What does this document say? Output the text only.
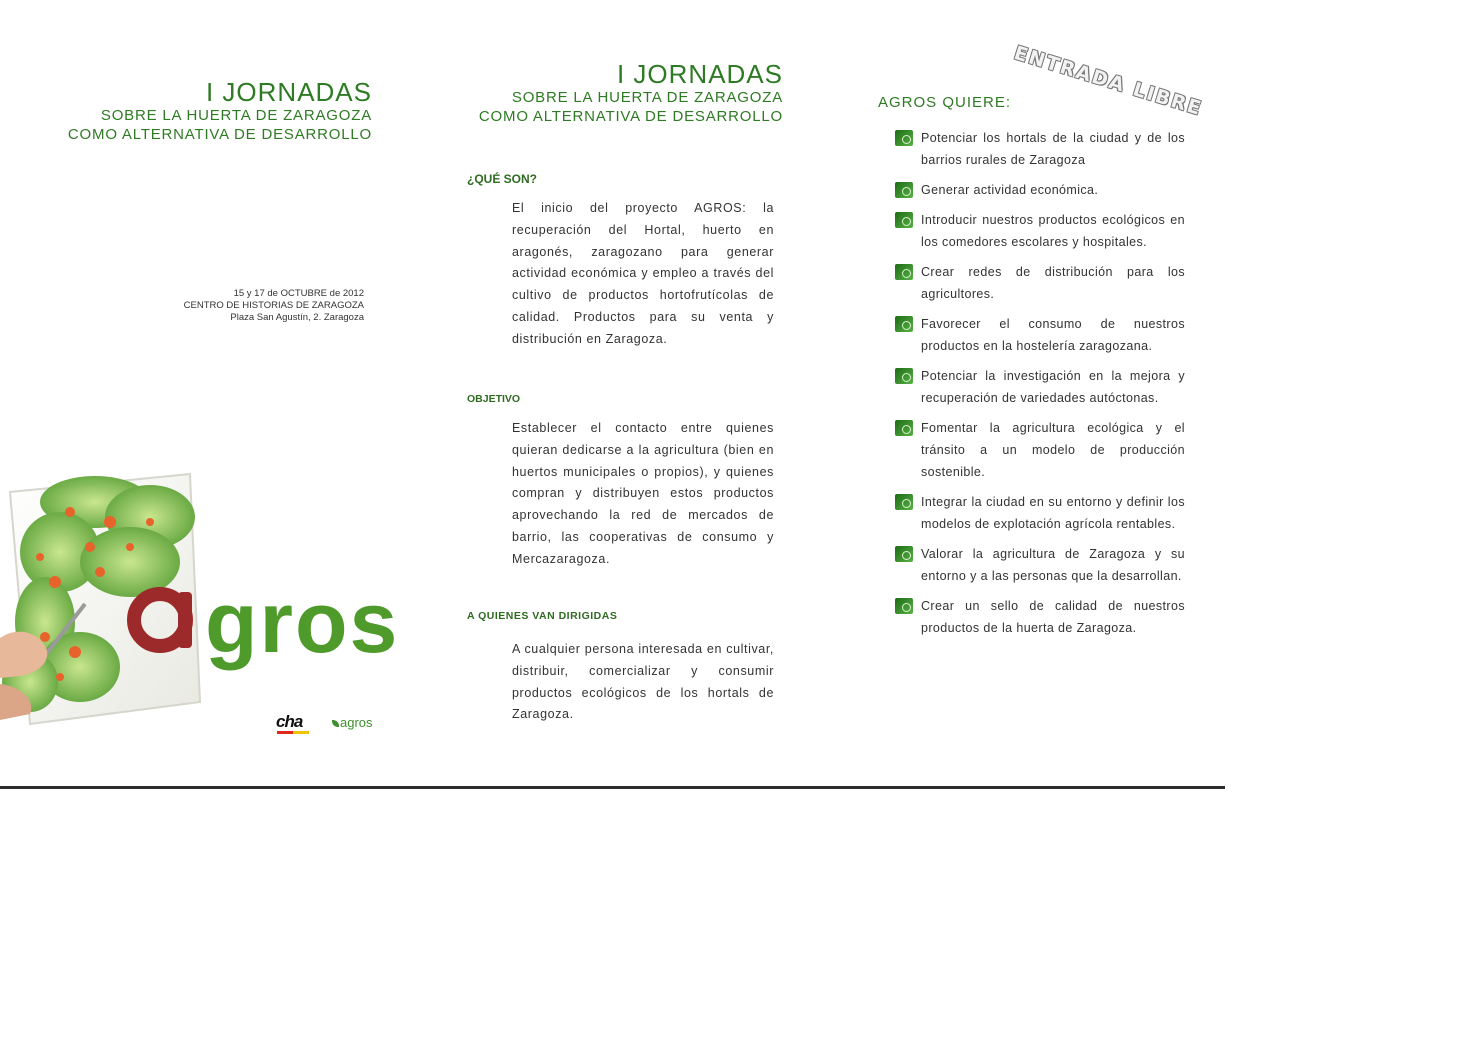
I JORNADAS
SOBRE LA HUERTA DE ZARAGOZA
COMO ALTERNATIVA DE DESARROLLO
15 y 17 de OCTUBRE de 2012
CENTRO DE HISTORIAS DE ZARAGOZA
Plaza San Agustín, 2. Zaragoza
gros
cha	agros
I JORNADAS
SOBRE LA HUERTA DE ZARAGOZA
COMO ALTERNATIVA DE DESARROLLO
¿QUÉ SON?
El inicio del proyecto AGROS: la recuperación del Hortal, huerto en aragonés, zaragozano para generar actividad económica y empleo a través del cultivo de productos hortofrutícolas de calidad. Productos para su venta y distribución en Zaragoza.
OBJETIVO
Establecer el contacto entre quienes quieran dedicarse a la agricultura (bien en huertos municipales o propios), y quienes compran y distribuyen estos productos aprovechando la red de mercados de barrio, las cooperativas de consumo y Mercazaragoza.
A QUIENES VAN DIRIGIDAS
A cualquier persona interesada en cultivar, distribuir, comercializar y consumir productos ecológicos de los hortals de Zaragoza.
ENTRADA LIBRE
AGROS QUIERE:
Potenciar los hortals de la ciudad y de los barrios rurales de Zaragoza
Generar actividad económica.
Introducir nuestros productos ecológicos en los comedores escolares y hospitales.
Crear redes de distribución para los agricultores.
Favorecer el consumo de nuestros productos en la hostelería zaragozana.
Potenciar la investigación en la mejora y recuperación de variedades autóctonas.
Fomentar la agricultura ecológica y el tránsito a un modelo de producción sostenible.
Integrar la ciudad en su entorno y definir los modelos de explotación agrícola rentables.
Valorar la agricultura de Zaragoza y su entorno y a las personas que la desarrollan.
Crear un sello de calidad de nuestros productos de la huerta de Zaragoza.
